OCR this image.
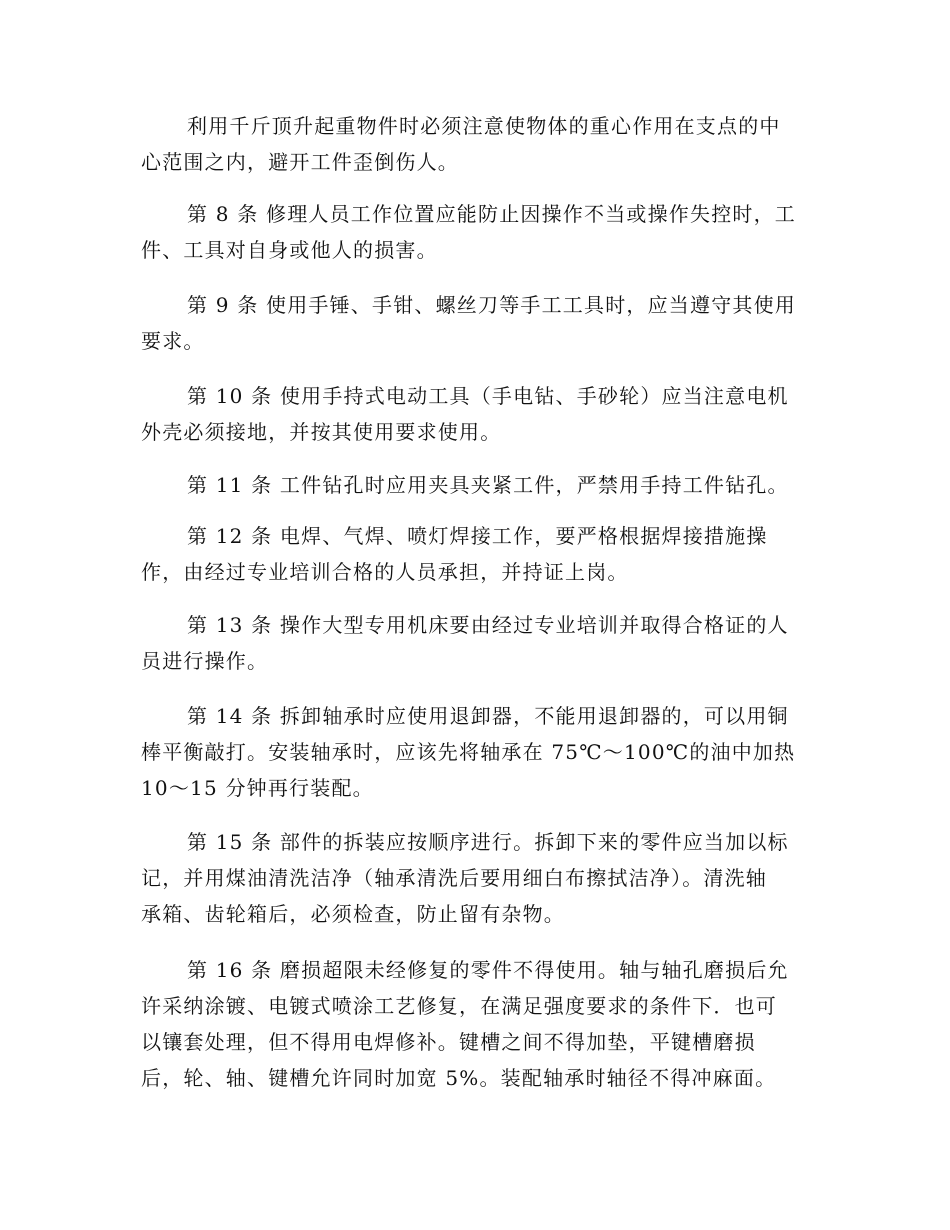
利用千斤顶升起重物件时必须注意使物体的重心作用在支点的中
心范围之内，避开工件歪倒伤人。

第 8 条 修理人员工作位置应能防止因操作不当或操作失控时，工
件、工具对自身或他人的损害。

第 9 条 使用手锤、手钳、螺丝刀等手工工具时，应当遵守其使用
要求。

第 10 条 使用手持式电动工具（手电钻、手砂轮）应当注意电机
外壳必须接地，并按其使用要求使用。

第 11 条 工件钻孔时应用夹具夹紧工件，严禁用手持工件钻孔。

第 12 条 电焊、气焊、喷灯焊接工作，要严格根据焊接措施操
作，由经过专业培训合格的人员承担，并持证上岗。

第 13 条 操作大型专用机床要由经过专业培训并取得合格证的人
员进行操作。

第 14 条 拆卸轴承时应使用退卸器，不能用退卸器的，可以用铜
棒平衡敲打。安装轴承时，应该先将轴承在 75℃～100℃的油中加热
10～15 分钟再行装配。

第 15 条 部件的拆装应按顺序进行。拆卸下来的零件应当加以标
记，并用煤油清洗洁净（轴承清洗后要用细白布擦拭洁净）。清洗轴
承箱、齿轮箱后，必须检查，防止留有杂物。

第 16 条 磨损超限未经修复的零件不得使用。轴与轴孔磨损后允
许采纳涂镀、电镀式喷涂工艺修复，在满足强度要求的条件下．也可
以镶套处理，但不得用电焊修补。键槽之间不得加垫，平键槽磨损
后，轮、轴、键槽允许同时加宽 5%。装配轴承时轴径不得冲麻面。
